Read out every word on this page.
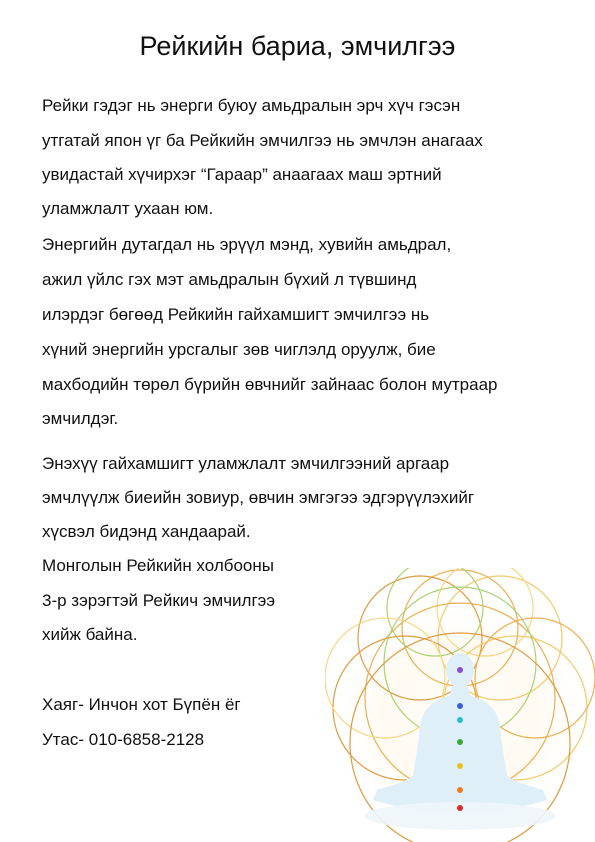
Рейкийн бариа, эмчилгээ
Рейки гэдэг нь энерги буюу амьдралын эрч хүч гэсэн
утгатай япон үг ба Рейкийн эмчилгээ нь эмчлэн анагаах
увидастай хүчирхэг “Гараар” анаагаах маш эртний
уламжлалт ухаан юм.
Энергийн дутагдал нь эрүүл мэнд, хувийн амьдрал,
ажил үйлс гэх мэт амьдралын бүхий л түвшинд
илэрдэг бөгөөд Рейкийн гайхамшигт эмчилгээ нь
хүний энергийн урсгалыг зөв чиглэлд оруулж, бие
махбодийн төрөл бүрийн өвчнийг зайнаас болон мутраар
эмчилдэг.
Энэхүү гайхамшигт уламжлалт эмчилгээний аргаар
эмчлүүлж биеийн зовиур, өвчин эмгэгээ эдгэрүүлэхийг
хүсвэл бидэнд хандаарай.
Монголын Рейкийн холбооны
3-р зэрэгтэй Рейкич эмчилгээ
хийж байна.
Хаяг- Инчон хот Бүпён ёг
Утас- 010-6858-2128
